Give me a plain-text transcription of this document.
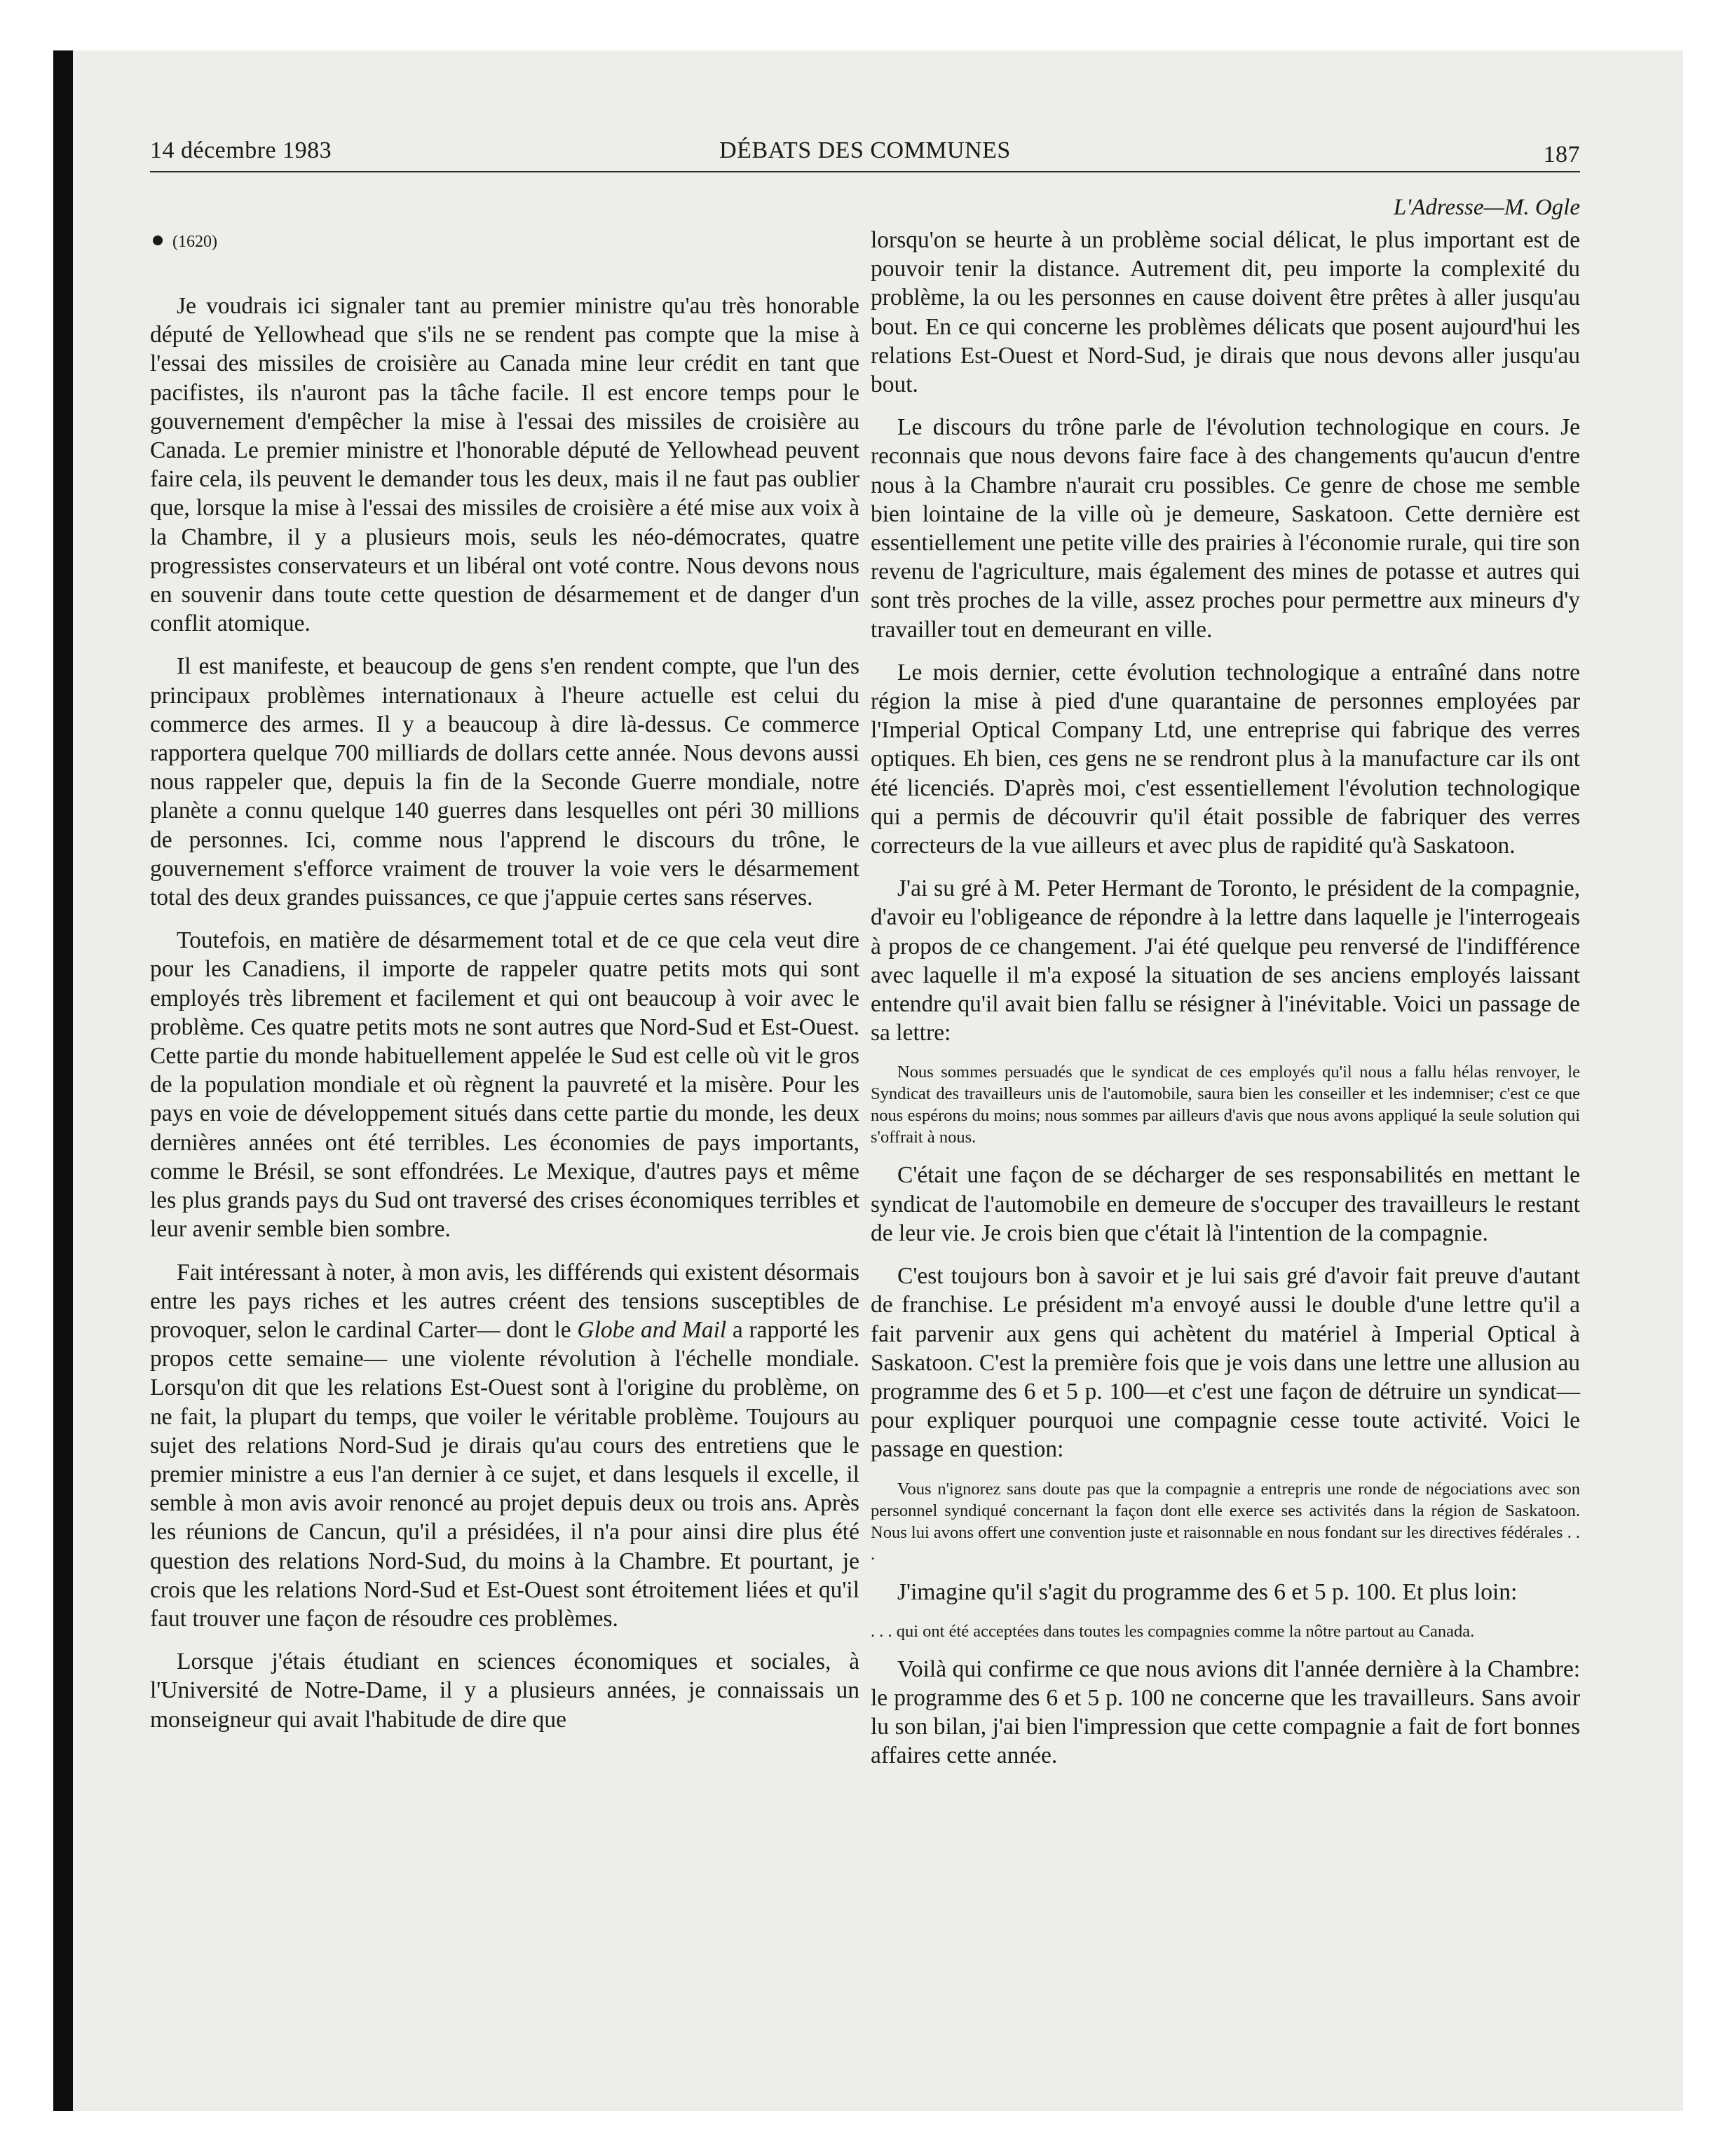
14 décembre 1983	DÉBATS DES COMMUNES	187
L'Adresse—M. Ogle
(1620)

Je voudrais ici signaler tant au premier ministre qu'au très honorable député de Yellowhead que s'ils ne se rendent pas compte que la mise à l'essai des missiles de croisière au Canada mine leur crédit en tant que pacifistes, ils n'auront pas la tâche facile. Il est encore temps pour le gouvernement d'empêcher la mise à l'essai des missiles de croisière au Canada. Le premier ministre et l'honorable député de Yellowhead peuvent faire cela, ils peuvent le demander tous les deux, mais il ne faut pas oublier que, lorsque la mise à l'essai des missiles de croisière a été mise aux voix à la Chambre, il y a plusieurs mois, seuls les néo-démocrates, quatre progressistes conservateurs et un libéral ont voté contre. Nous devons nous en souvenir dans toute cette question de désarmement et de danger d'un conflit atomique.

Il est manifeste, et beaucoup de gens s'en rendent compte, que l'un des principaux problèmes internationaux à l'heure actuelle est celui du commerce des armes. Il y a beaucoup à dire là-dessus. Ce commerce rapportera quelque 700 milliards de dollars cette année. Nous devons aussi nous rappeler que, depuis la fin de la Seconde Guerre mondiale, notre planète a connu quelque 140 guerres dans lesquelles ont péri 30 millions de personnes. Ici, comme nous l'apprend le discours du trône, le gouvernement s'efforce vraiment de trouver la voie vers le désarmement total des deux grandes puissances, ce que j'appuie certes sans réserves.

Toutefois, en matière de désarmement total et de ce que cela veut dire pour les Canadiens, il importe de rappeler quatre petits mots qui sont employés très librement et facilement et qui ont beaucoup à voir avec le problème. Ces quatre petits mots ne sont autres que Nord-Sud et Est-Ouest. Cette partie du monde habituellement appelée le Sud est celle où vit le gros de la population mondiale et où règnent la pauvreté et la misère. Pour les pays en voie de développement situés dans cette partie du monde, les deux dernières années ont été terribles. Les économies de pays importants, comme le Brésil, se sont effondrées. Le Mexique, d'autres pays et même les plus grands pays du Sud ont traversé des crises économiques terribles et leur avenir semble bien sombre.

Fait intéressant à noter, à mon avis, les différends qui existent désormais entre les pays riches et les autres créent des tensions susceptibles de provoquer, selon le cardinal Carter— dont le Globe and Mail a rapporté les propos cette semaine— une violente révolution à l'échelle mondiale. Lorsqu'on dit que les relations Est-Ouest sont à l'origine du problème, on ne fait, la plupart du temps, que voiler le véritable problème. Toujours au sujet des relations Nord-Sud je dirais qu'au cours des entretiens que le premier ministre a eus l'an dernier à ce sujet, et dans lesquels il excelle, il semble à mon avis avoir renoncé au projet depuis deux ou trois ans. Après les réunions de Cancun, qu'il a présidées, il n'a pour ainsi dire plus été question des relations Nord-Sud, du moins à la Chambre. Et pourtant, je crois que les relations Nord-Sud et Est-Ouest sont étroitement liées et qu'il faut trouver une façon de résoudre ces problèmes.

Lorsque j'étais étudiant en sciences économiques et sociales, à l'Université de Notre-Dame, il y a plusieurs années, je connaissais un monseigneur qui avait l'habitude de dire que

lorsqu'on se heurte à un problème social délicat, le plus important est de pouvoir tenir la distance. Autrement dit, peu importe la complexité du problème, la ou les personnes en cause doivent être prêtes à aller jusqu'au bout. En ce qui concerne les problèmes délicats que posent aujourd'hui les relations Est-Ouest et Nord-Sud, je dirais que nous devons aller jusqu'au bout.

Le discours du trône parle de l'évolution technologique en cours. Je reconnais que nous devons faire face à des changements qu'aucun d'entre nous à la Chambre n'aurait cru possibles. Ce genre de chose me semble bien lointaine de la ville où je demeure, Saskatoon. Cette dernière est essentiellement une petite ville des prairies à l'économie rurale, qui tire son revenu de l'agriculture, mais également des mines de potasse et autres qui sont très proches de la ville, assez proches pour permettre aux mineurs d'y travailler tout en demeurant en ville.

Le mois dernier, cette évolution technologique a entraîné dans notre région la mise à pied d'une quarantaine de personnes employées par l'Imperial Optical Company Ltd, une entreprise qui fabrique des verres optiques. Eh bien, ces gens ne se rendront plus à la manufacture car ils ont été licenciés. D'après moi, c'est essentiellement l'évolution technologique qui a permis de découvrir qu'il était possible de fabriquer des verres correcteurs de la vue ailleurs et avec plus de rapidité qu'à Saskatoon.

J'ai su gré à M. Peter Hermant de Toronto, le président de la compagnie, d'avoir eu l'obligeance de répondre à la lettre dans laquelle je l'interrogeais à propos de ce changement. J'ai été quelque peu renversé de l'indifférence avec laquelle il m'a exposé la situation de ses anciens employés laissant entendre qu'il avait bien fallu se résigner à l'inévitable. Voici un passage de sa lettre:

Nous sommes persuadés que le syndicat de ces employés qu'il nous a fallu hélas renvoyer, le Syndicat des travailleurs unis de l'automobile, saura bien les conseiller et les indemniser; c'est ce que nous espérons du moins; nous sommes par ailleurs d'avis que nous avons appliqué la seule solution qui s'offrait à nous.

C'était une façon de se décharger de ses responsabilités en mettant le syndicat de l'automobile en demeure de s'occuper des travailleurs le restant de leur vie. Je crois bien que c'était là l'intention de la compagnie.

C'est toujours bon à savoir et je lui sais gré d'avoir fait preuve d'autant de franchise. Le président m'a envoyé aussi le double d'une lettre qu'il a fait parvenir aux gens qui achètent du matériel à Imperial Optical à Saskatoon. C'est la première fois que je vois dans une lettre une allusion au programme des 6 et 5 p. 100—et c'est une façon de détruire un syndicat—pour expliquer pourquoi une compagnie cesse toute activité. Voici le passage en question:

Vous n'ignorez sans doute pas que la compagnie a entrepris une ronde de négociations avec son personnel syndiqué concernant la façon dont elle exerce ses activités dans la région de Saskatoon. Nous lui avons offert une convention juste et raisonnable en nous fondant sur les directives fédérales . . .

J'imagine qu'il s'agit du programme des 6 et 5 p. 100. Et plus loin:

. . . qui ont été acceptées dans toutes les compagnies comme la nôtre partout au Canada.

Voilà qui confirme ce que nous avions dit l'année dernière à la Chambre: le programme des 6 et 5 p. 100 ne concerne que les travailleurs. Sans avoir lu son bilan, j'ai bien l'impression que cette compagnie a fait de fort bonnes affaires cette année.
